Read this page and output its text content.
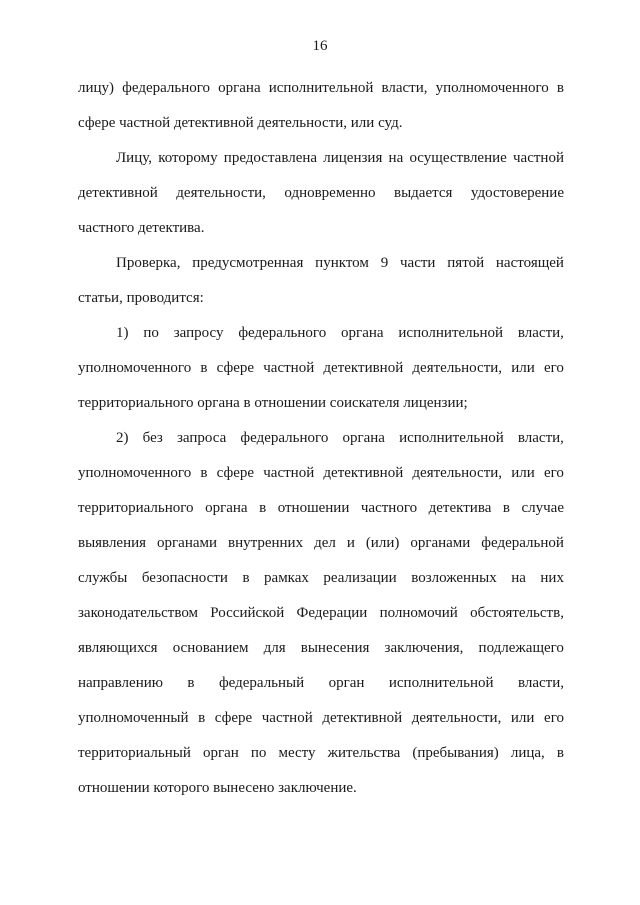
16
лицу) федерального органа исполнительной власти, уполномоченного в
сфере частной детективной деятельности, или суд.
Лицу, которому предоставлена лицензия на осуществление частной
детективной деятельности, одновременно выдается удостоверение
частного детектива.
Проверка, предусмотренная пунктом 9 части пятой настоящей
статьи, проводится:
1) по запросу федерального органа исполнительной власти,
уполномоченного в сфере частной детективной деятельности, или его
территориального органа в отношении соискателя лицензии;
2) без запроса федерального органа исполнительной власти,
уполномоченного в сфере частной детективной деятельности, или его
территориального органа в отношении частного детектива в случае
выявления органами внутренних дел и (или) органами федеральной
службы безопасности в рамках реализации возложенных на них
законодательством Российской Федерации полномочий обстоятельств,
являющихся основанием для вынесения заключения, подлежащего
направлению в федеральный орган исполнительной власти,
уполномоченный в сфере частной детективной деятельности, или его
территориальный орган по месту жительства (пребывания) лица, в
отношении которого вынесено заключение.
